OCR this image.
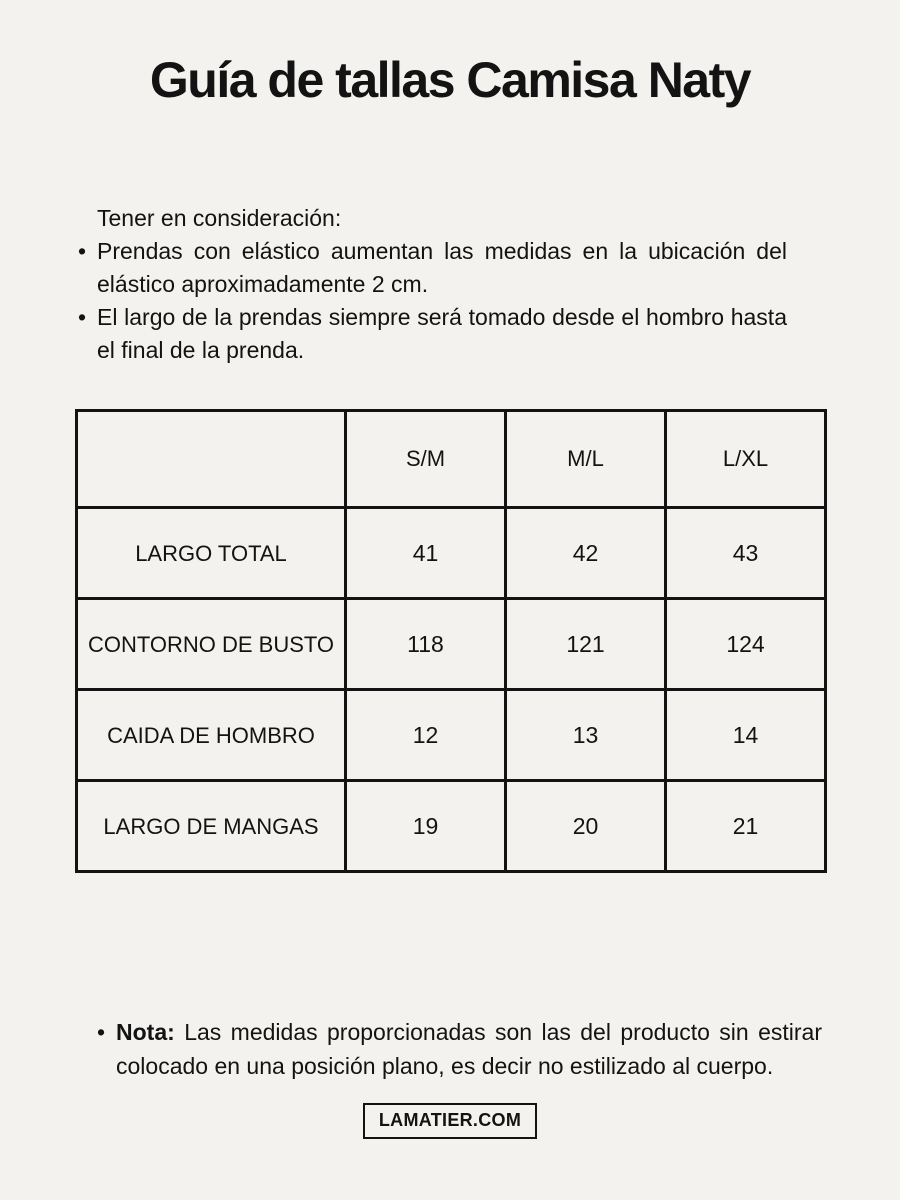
Guía de tallas Camisa Naty

Tener en consideración:

• Prendas con elástico aumentan las medidas en la ubicación del elástico aproximadamente 2 cm.
• El largo de la prendas siempre será tomado desde el hombro hasta el final de la prenda.
	S/M	M/L	L/XL
LARGO TOTAL	41	42	43
CONTORNO DE BUSTO	118	121	124
CAIDA DE HOMBRO	12	13	14
LARGO DE MANGAS	19	20	21
• Nota: Las medidas proporcionadas son las del producto sin estirar colocado en una posición plano, es decir no estilizado al cuerpo.
LAMATIER.COM
